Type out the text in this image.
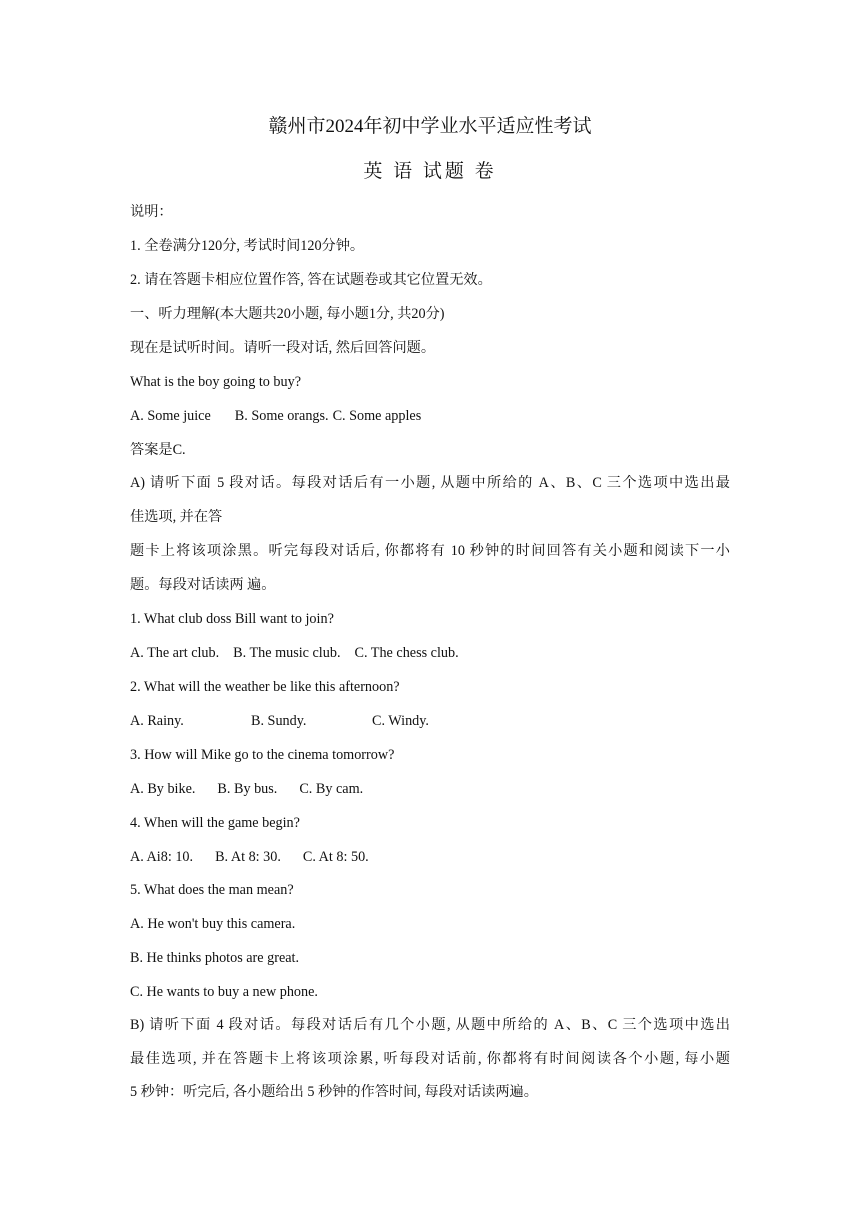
赣州市2024年初中学业水平适应性考试
英 语 试题 卷
说明：
1. 全卷满分120分, 考试时间120分钟。
2. 请在答题卡相应位置作答, 答在试题卷或其它位置无效。
一、听力理解(本大题共20小题, 每小题1分, 共20分)
现在是试听时间。请听一段对话, 然后回答问题。
What is the boy going to buy?
A. Some juice B. Some orangs. C. Some apples
答案是C.
A) 请听下面 5 段对话。每段对话后有一小题, 从题中所给的 A、B、C 三个选项中选出最
佳选项, 并在答
题卡上将该项涂黑。听完每段对话后, 你都将有 10 秒钟的时间回答有关小题和阅读下一小
题。每段对话读两 遍。
1. What club doss Bill want to join?
A. The art club. B. The music club. C. The chess club.
2. What will the weather be like this afternoon?
A. Rainy.	B. Sundy.	C. Windy.
3. How will Mike go to the cinema tomorrow?
A. By bike. B. By bus. C. By cam.
4. When will the game begin?
A. Ai8: 10. B. At 8: 30. C. At 8: 50.
5. What does the man mean?
A. He won't buy this camera.
B. He thinks photos are great.
C. He wants to buy a new phone.
B) 请听下面 4 段对话。每段对话后有几个小题, 从题中所给的 A、B、C 三个选项中选出
最佳选项, 并在答题卡上将该项涂累, 听每段对话前, 你都将有时间阅读各个小题, 每小题
5 秒钟：听完后, 各小题给出 5 秒钟的作答时间, 每段对话读两遍。
